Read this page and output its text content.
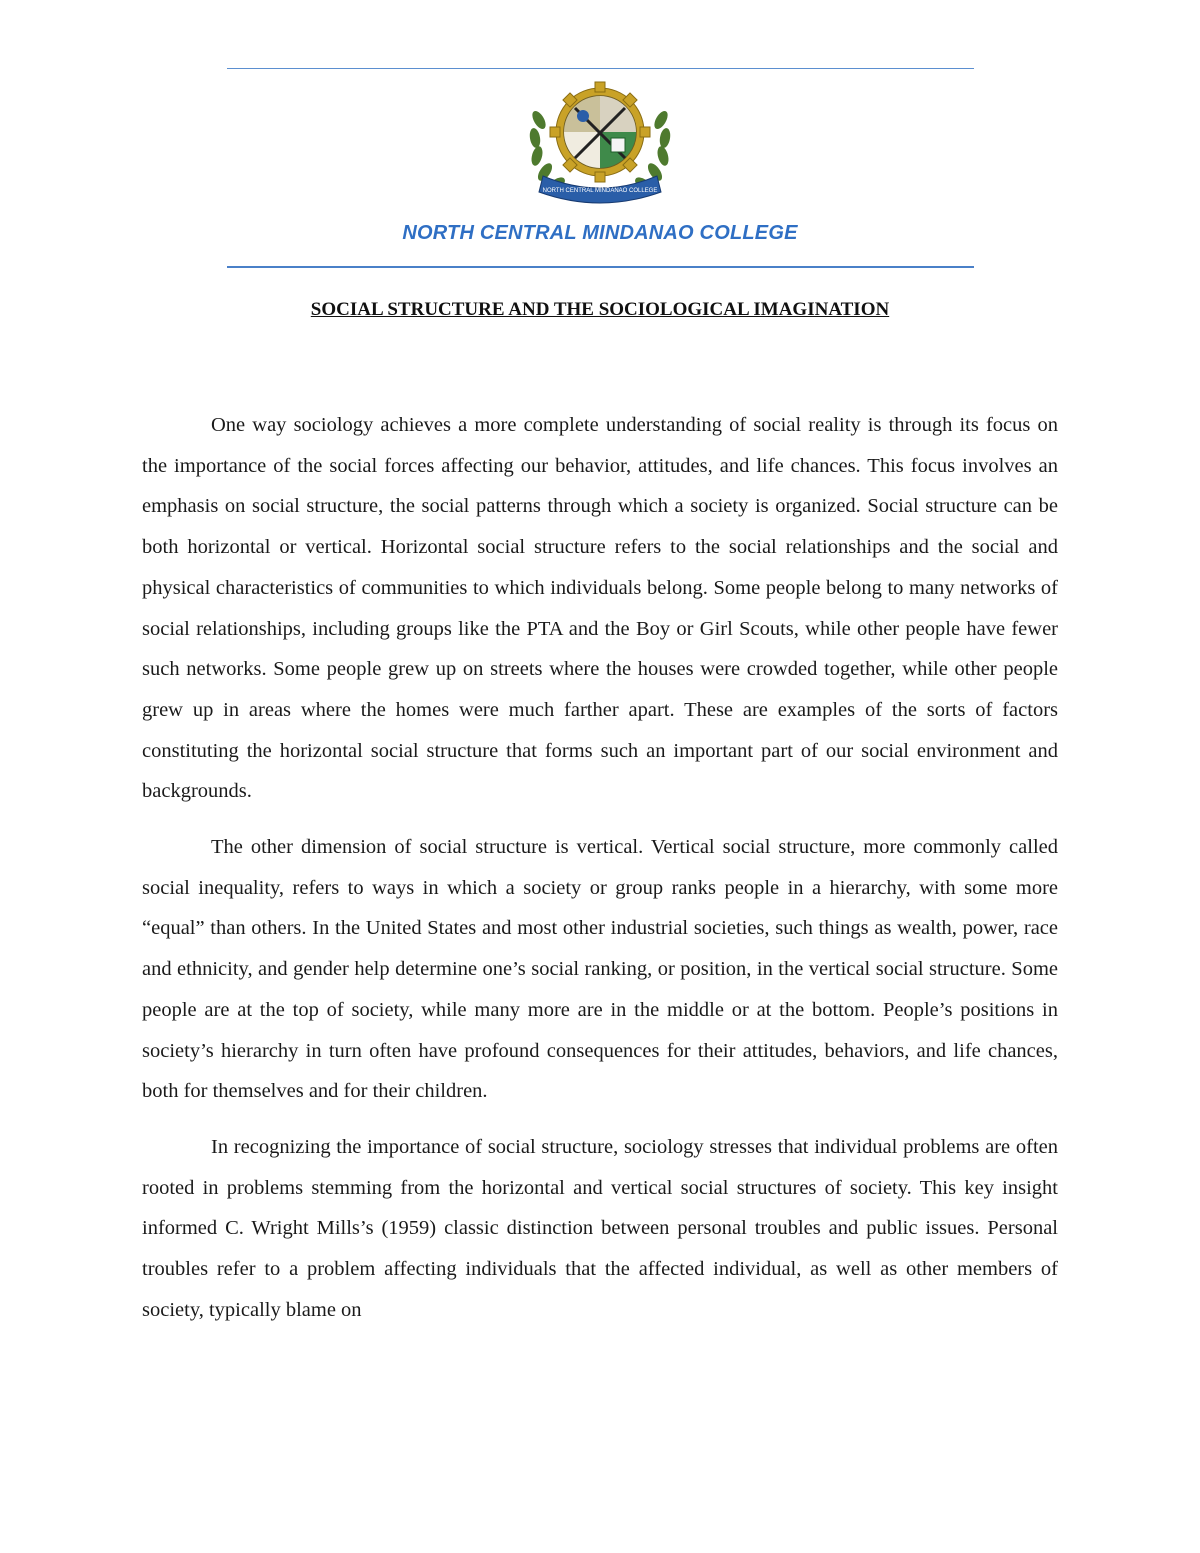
NORTH CENTRAL MINDANAO COLLEGE
NORTH CENTRAL MINDANAO COLLEGE
SOCIAL STRUCTURE AND THE SOCIOLOGICAL IMAGINATION

One way sociology achieves a more complete understanding of social reality is through its focus on the importance of the social forces affecting our behavior, attitudes, and life chances. This focus involves an emphasis on social structure, the social patterns through which a society is organized. Social structure can be both horizontal or vertical. Horizontal social structure refers to the social relationships and the social and physical characteristics of communities to which individuals belong. Some people belong to many networks of social relationships, including groups like the PTA and the Boy or Girl Scouts, while other people have fewer such networks. Some people grew up on streets where the houses were crowded together, while other people grew up in areas where the homes were much farther apart. These are examples of the sorts of factors constituting the horizontal social structure that forms such an important part of our social environment and backgrounds.

The other dimension of social structure is vertical. Vertical social structure, more commonly called social inequality, refers to ways in which a society or group ranks people in a hierarchy, with some more “equal” than others. In the United States and most other industrial societies, such things as wealth, power, race and ethnicity, and gender help determine one’s social ranking, or position, in the vertical social structure. Some people are at the top of society, while many more are in the middle or at the bottom. People’s positions in society’s hierarchy in turn often have profound consequences for their attitudes, behaviors, and life chances, both for themselves and for their children.

In recognizing the importance of social structure, sociology stresses that individual problems are often rooted in problems stemming from the horizontal and vertical social structures of society. This key insight informed C. Wright Mills’s (1959) classic distinction between personal troubles and public issues. Personal troubles refer to a problem affecting individuals that the affected individual, as well as other members of society, typically blame on
